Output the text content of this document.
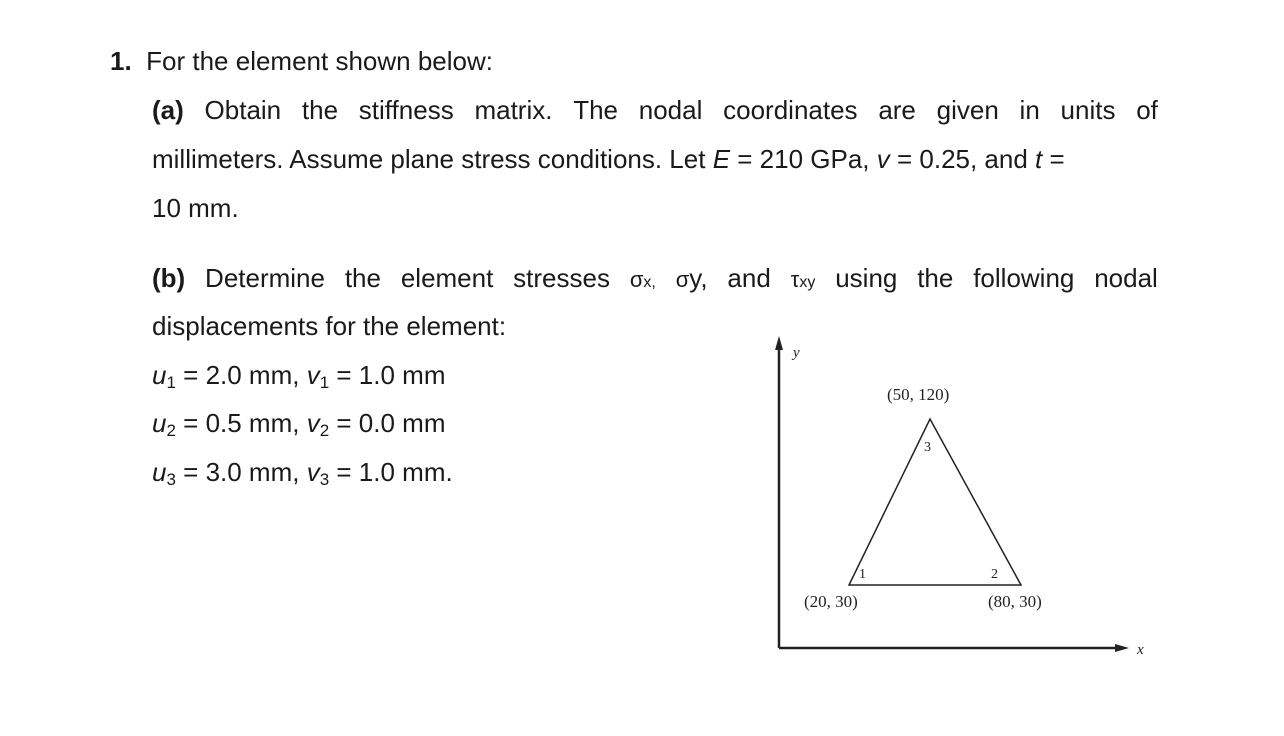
1. For the element shown below:
(a) Obtain the stiffness matrix. The nodal coordinates are given in units of
millimeters. Assume plane stress conditions. Let E = 210 GPa, v = 0.25, and t =
10 mm.
(b) Determine the element stresses σx, σy, and τxy using the following nodal
displacements for the element:
u1 = 2.0 mm, v1 = 1.0 mm
u2 = 0.5 mm, v2 = 0.0 mm
u3 = 3.0 mm, v3 = 1.0 mm.
y
x
1	2
3
(20, 30)	(80, 30)
(50, 120)
